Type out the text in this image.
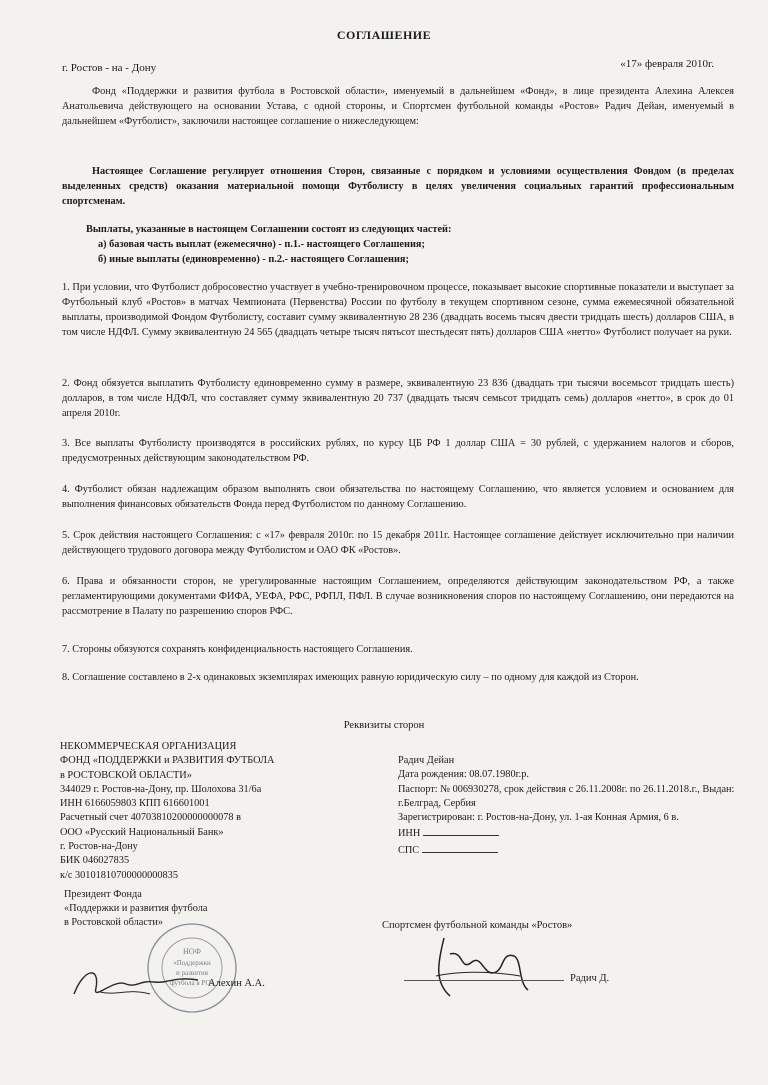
СОГЛАШЕНИЕ
г. Ростов - на - Дону	«17» февраля 2010г.
Фонд «Поддержки и развития футбола в Ростовской области», именуемый в дальнейшем «Фонд», в лице президента Алехина Алексея Анатольевича действующего на основании Устава, с одной стороны, и Спортсмен футбольной команды «Ростов» Радич Дейан, именуемый в дальнейшем «Футболист», заключили настоящее соглашение о нижеследующем:
Настоящее Соглашение регулирует отношения Сторон, связанные с порядком и условиями осуществления Фондом (в пределах выделенных средств) оказания материальной помощи Футболисту в целях увеличения социальных гарантий профессиональным спортсменам.
Выплаты, указанные в настоящем Соглашении состоят из следующих частей:
а) базовая часть выплат (ежемесячно) - п.1.- настоящего Соглашения;
б) иные выплаты (единовременно) - п.2.- настоящего Соглашения;
1. При условии, что Футболист добросовестно участвует в учебно-тренировочном процессе, показывает высокие спортивные показатели и выступает за Футбольный клуб «Ростов» в матчах Чемпионата (Первенства) России по футболу в текущем спортивном сезоне, сумма ежемесячной обязательной выплаты, производимой Фондом Футболисту, составит сумму эквивалентную 28 236 (двадцать восемь тысяч двести тридцать шесть) долларов США, в том числе НДФЛ. Сумму эквивалентную 24 565 (двадцать четыре тысяч пятьсот шестьдесят пять) долларов США «нетто» Футболист получает на руки.
2. Фонд обязуется выплатить Футболисту единовременно сумму в размере, эквивалентную 23 836 (двадцать три тысячи восемьсот тридцать шесть) долларов, в том числе НДФЛ, что составляет сумму эквивалентную 20 737 (двадцать тысяч семьсот тридцать семь) долларов «нетто», в срок до 01 апреля 2010г.
3. Все выплаты Футболисту производятся в российских рублях, по курсу ЦБ РФ 1 доллар США = 30 рублей, с удержанием налогов и сборов, предусмотренных действующим законодательством РФ.
4. Футболист обязан надлежащим образом выполнять свои обязательства по настоящему Соглашению, что является условием и основанием для выполнения финансовых обязательств Фонда перед Футболистом по данному Соглашению.
5. Срок действия настоящего Соглашения: с «17» февраля 2010г. по 15 декабря 2011г. Настоящее соглашение действует исключительно при наличии действующего трудового договора между Футболистом и ОАО ФК «Ростов».
6. Права и обязанности сторон, не урегулированные настоящим Соглашением, определяются действующим законодательством РФ, а также регламентирующими документами ФИФА, УЕФА, РФС, РФПЛ, ПФЛ. В случае возникновения споров по настоящему Соглашению, они передаются на рассмотрение в Палату по разрешению споров РФС.
7. Стороны обязуются сохранять конфиденциальность настоящего Соглашения.
8. Соглашение составлено в 2-х одинаковых экземплярах имеющих равную юридическую силу – по одному для каждой из Сторон.
Реквизиты сторон
НЕКОММЕРЧЕСКАЯ ОРГАНИЗАЦИЯ
ФОНД «ПОДДЕРЖКИ и РАЗВИТИЯ ФУТБОЛА
в РОСТОВСКОЙ ОБЛАСТИ»
344029 г. Ростов-на-Дону, пр. Шолохова 31/6а
ИНН 6166059803 КПП 616601001
Расчетный счет 40703810200000000078 в
ООО «Русский Национальный Банк»
г. Ростов-на-Дону
БИК 046027835
к/с 30101810700000000835
Радич Дейан
Дата рождения: 08.07.1980г.р.
Паспорт: № 006930278, срок действия с 26.11.2008г. по 26.11.2018.г., Выдан: г.Белград, Сербия
Зарегистрирован: г. Ростов-на-Дону, ул. 1-ая Конная Армия, 6 в.
ИНН
СПС
Президент Фонда
«Поддержки и развития футбола
в Ростовской области»
НОФ
«Поддержки
и развития
футбола в РО»
Алехин А.А.
Спортсмен футбольной команды «Ростов»
Радич Д.
